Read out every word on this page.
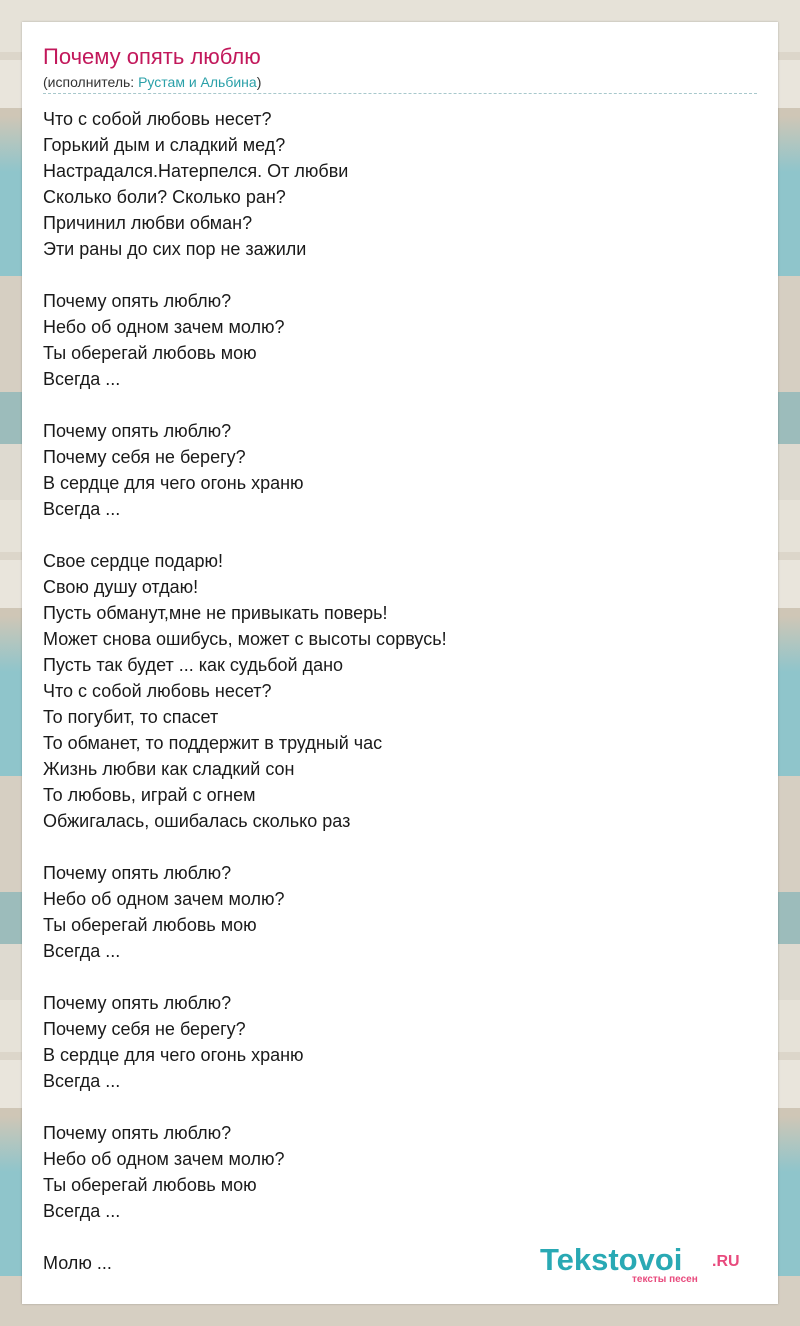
Почему опять люблю
(исполнитель: Рустам и Альбина)
Что с собой любовь несет?
Горький дым и сладкий мед?
Настрадался.Натерпелся. От любви
Сколько боли? Сколько ран?
Причинил любви обман?
Эти раны до сих пор не зажили
Почему опять люблю?
Небо об одном зачем молю?
Ты оберегай любовь мою
Всегда ...
Почему опять люблю?
Почему себя не берегу?
В сердце для чего огонь храню
Всегда ...
Свое сердце подарю!
Свою душу отдаю!
Пусть обманут,мне не привыкать поверь!
Может снова ошибусь, может с высоты сорвусь!
Пусть так будет ... как судьбой дано
Что с собой любовь несет?
То погубит, то спасет
То обманет, то поддержит в трудный час
Жизнь любви как сладкий сон
То любовь, играй с огнем
Обжигалась, ошибалась сколько раз
Почему опять люблю?
Небо об одном зачем молю?
Ты оберегай любовь мою
Всегда ...
Почему опять люблю?
Почему себя не берегу?
В сердце для чего огонь храню
Всегда ...
Почему опять люблю?
Небо об одном зачем молю?
Ты оберегай любовь мою
Всегда ...
Молю ...	Tekstovoi .RU
тексты песен
